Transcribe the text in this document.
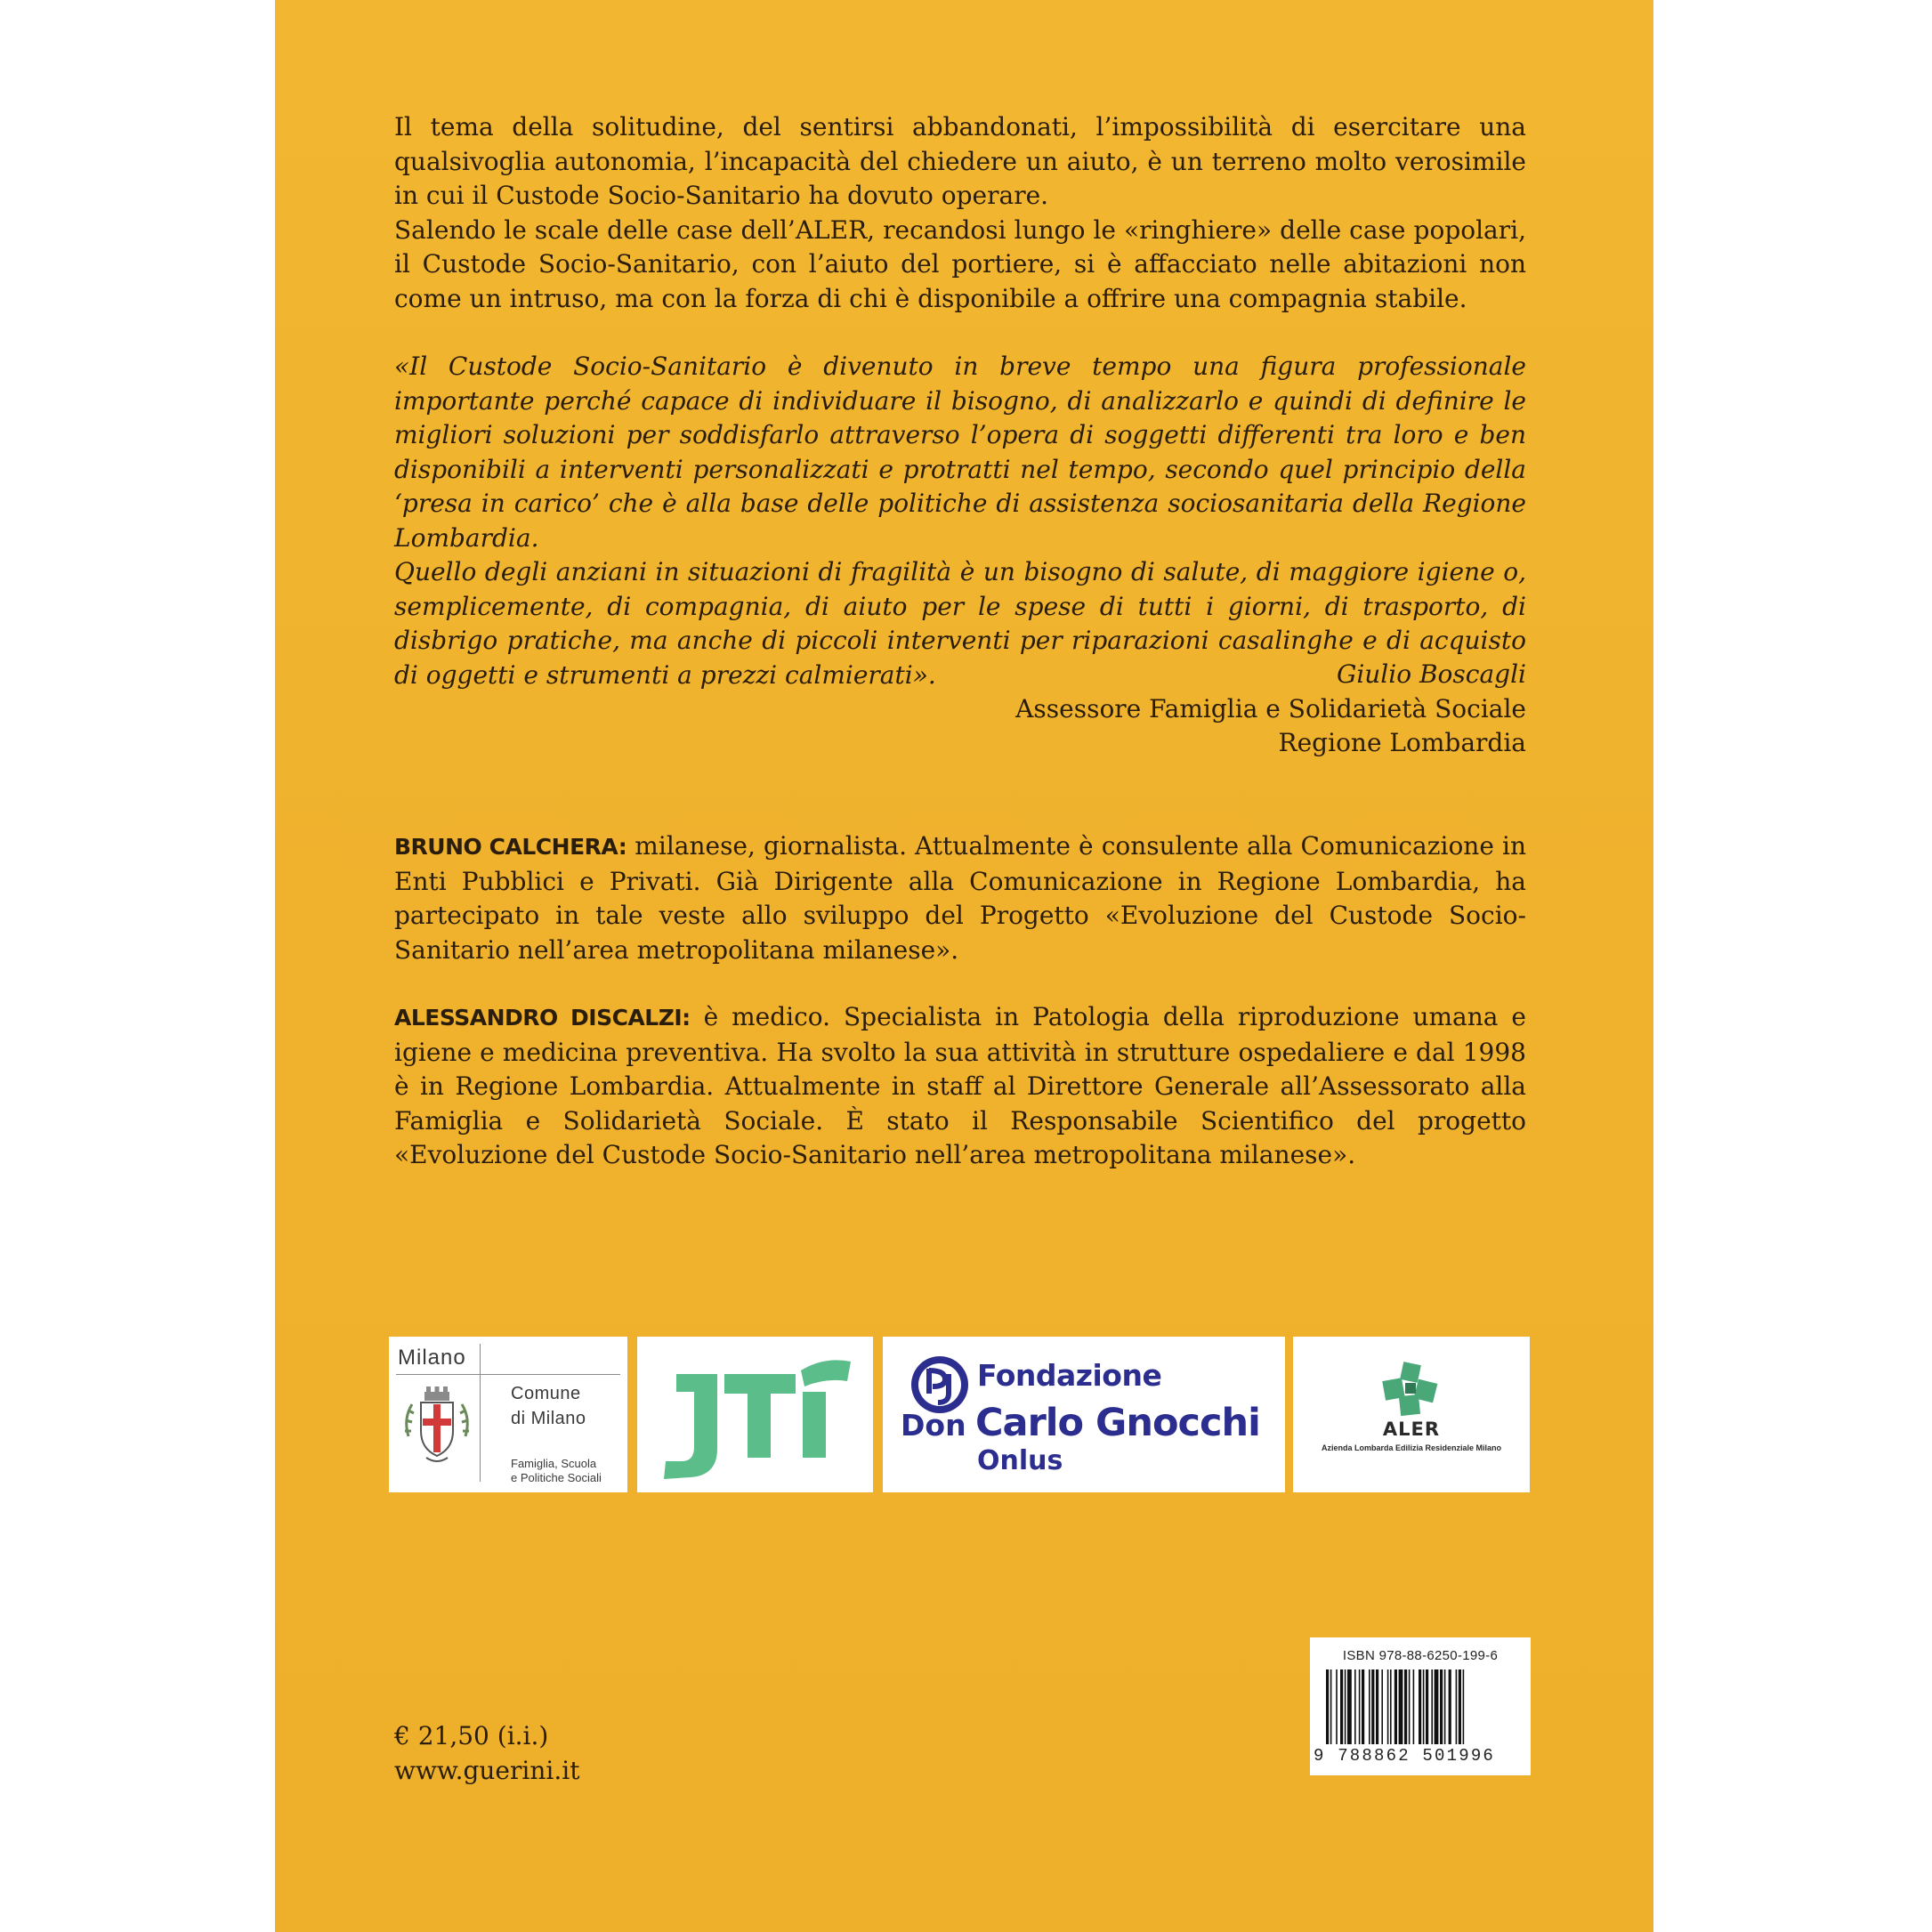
Il tema della solitudine, del sentirsi abbandonati, l’impossibilità di esercitare una qualsivoglia autonomia, l’incapacità del chiedere un aiuto, è un terreno molto verosimile in cui il Custode Socio-Sanitario ha dovuto operare.

Salendo le scale delle case dell’ALER, recandosi lungo le «ringhiere» delle case popolari, il Custode Socio-Sanitario, con l’aiuto del portiere, si è affacciato nelle abitazioni non come un intruso, ma con la forza di chi è disponibile a offrire una compagnia stabile.

«Il Custode Socio-Sanitario è divenuto in breve tempo una figura professionale importante perché capace di individuare il bisogno, di analizzarlo e quindi di definire le migliori soluzioni per soddisfarlo attraverso l’opera di soggetti differenti tra loro e ben disponibili a interventi personalizzati e protratti nel tempo, secondo quel principio della ‘presa in carico’ che è alla base delle politiche di assistenza sociosanitaria della Regione Lombardia.

Quello degli anziani in situazioni di fragilità è un bisogno di salute, di maggiore igiene o, semplicemente, di compagnia, di aiuto per le spese di tutti i giorni, di trasporto, di disbrigo pratiche, ma anche di piccoli interventi per riparazioni casalinghe e di acquisto di oggetti e strumenti a prezzi calmierati».	Giulio Boscagli
Assessore Famiglia e Solidarietà Sociale
Regione Lombardia

BRUNO CALCHERA: milanese, giornalista. Attualmente è consulente alla Comunicazione in Enti Pubblici e Privati. Già Dirigente alla Comunicazione in Regione Lombardia, ha partecipato in tale veste allo sviluppo del Progetto «Evoluzione del Custode Socio-Sanitario nell’area metropolitana milanese».

ALESSANDRO DISCALZI: è medico. Specialista in Patologia della riproduzione umana e igiene e medicina preventiva. Ha svolto la sua attività in strutture ospedaliere e dal 1998 è in Regione Lombardia. Attualmente in staff al Direttore Generale all’Assessorato alla Famiglia e Solidarietà Sociale. È stato il Responsabile Scientifico del progetto «Evoluzione del Custode Socio-Sanitario nell’area metropolitana milanese».

Milano
Comune
di Milano
Famiglia, Scuola
e Politiche Sociali
Fondazione
Don Carlo Gnocchi
Onlus
ALER
Azienda Lombarda Edilizia Residenziale Milano
ISBN 978-88-6250-199-6
9 788862 501996
€ 21,50 (i.i.)
www.guerini.it
